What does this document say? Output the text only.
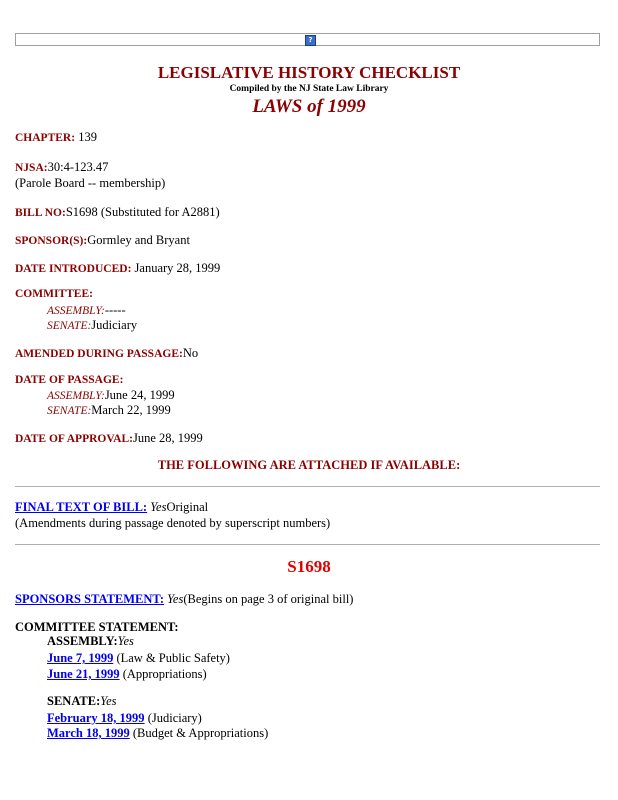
?
LEGISLATIVE HISTORY CHECKLIST
Compiled by the NJ State Law Library
LAWS of 1999
CHAPTER: 139
NJSA:30:4-123.47
(Parole Board -- membership)
BILL NO:S1698 (Substituted for A2881)
SPONSOR(S):Gormley and Bryant
DATE INTRODUCED: January 28, 1999
COMMITTEE:
ASSEMBLY:-----
SENATE:Judiciary
AMENDED DURING PASSAGE:No
DATE OF PASSAGE:
ASSEMBLY:June 24, 1999
SENATE:March 22, 1999
DATE OF APPROVAL:June 28, 1999
THE FOLLOWING ARE ATTACHED IF AVAILABLE:
FINAL TEXT OF BILL: YesOriginal
(Amendments during passage denoted by superscript numbers)
S1698
SPONSORS STATEMENT: Yes(Begins on page 3 of original bill)
COMMITTEE STATEMENT:
ASSEMBLY:Yes
June 7, 1999 (Law & Public Safety)
June 21, 1999 (Appropriations)
SENATE:Yes
February 18, 1999 (Judiciary)
March 18, 1999 (Budget & Appropriations)
